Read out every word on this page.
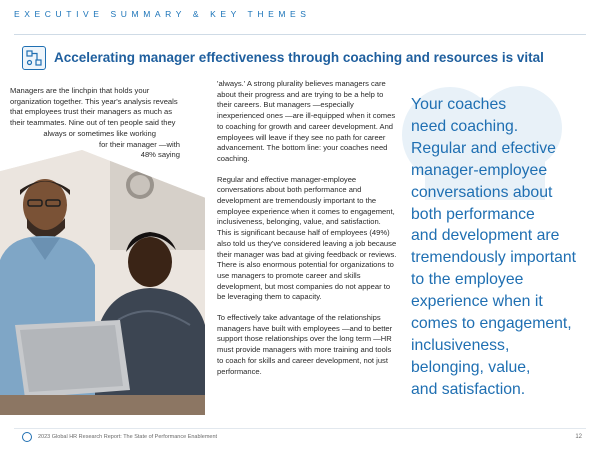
EXECUTIVE SUMMARY & KEY THEMES
Accelerating manager effectiveness through coaching and resources is vital
Managers are the linchpin that holds your
organization together. This year's analysis reveals
that employees trust their managers as much as
their teammates. Nine out of ten people said they
always or sometimes like working
for their manager —with
48% saying

'always.' A strong plurality believes managers care about their progress and are trying to be a help to their careers. But managers —especially inexperienced ones —are ill-equipped when it comes to coaching for growth and career development. And employees will leave if they see no path for career advancement. The bottom line: your coaches need coaching.

Regular and effective manager-employee conversations about both performance and development are tremendously important to the employee experience when it comes to engagement, inclusiveness, belonging, value, and satisfaction. This is significant because half of employees (49%) also told us they've considered leaving a job because their manager was bad at giving feedback or reviews. There is also enormous potential for organizations to use managers to promote career and skills development, but most companies do not appear to be leveraging them to capacity.

To effectively take advantage of the relationships managers have built with employees —and to better support those relationships over the long term —HR must provide managers with more training and tools to coach for skills and career development, not just performance.

Your coaches
need coaching.
Regular and efective
manager-employee
conversations about
both performance
and development are
tremendously important
to the employee
experience when it
comes to engagement,
inclusiveness,
belonging, value,
and satisfaction.
2023 Global HR Research Report: The State of Performance Enablement	12
